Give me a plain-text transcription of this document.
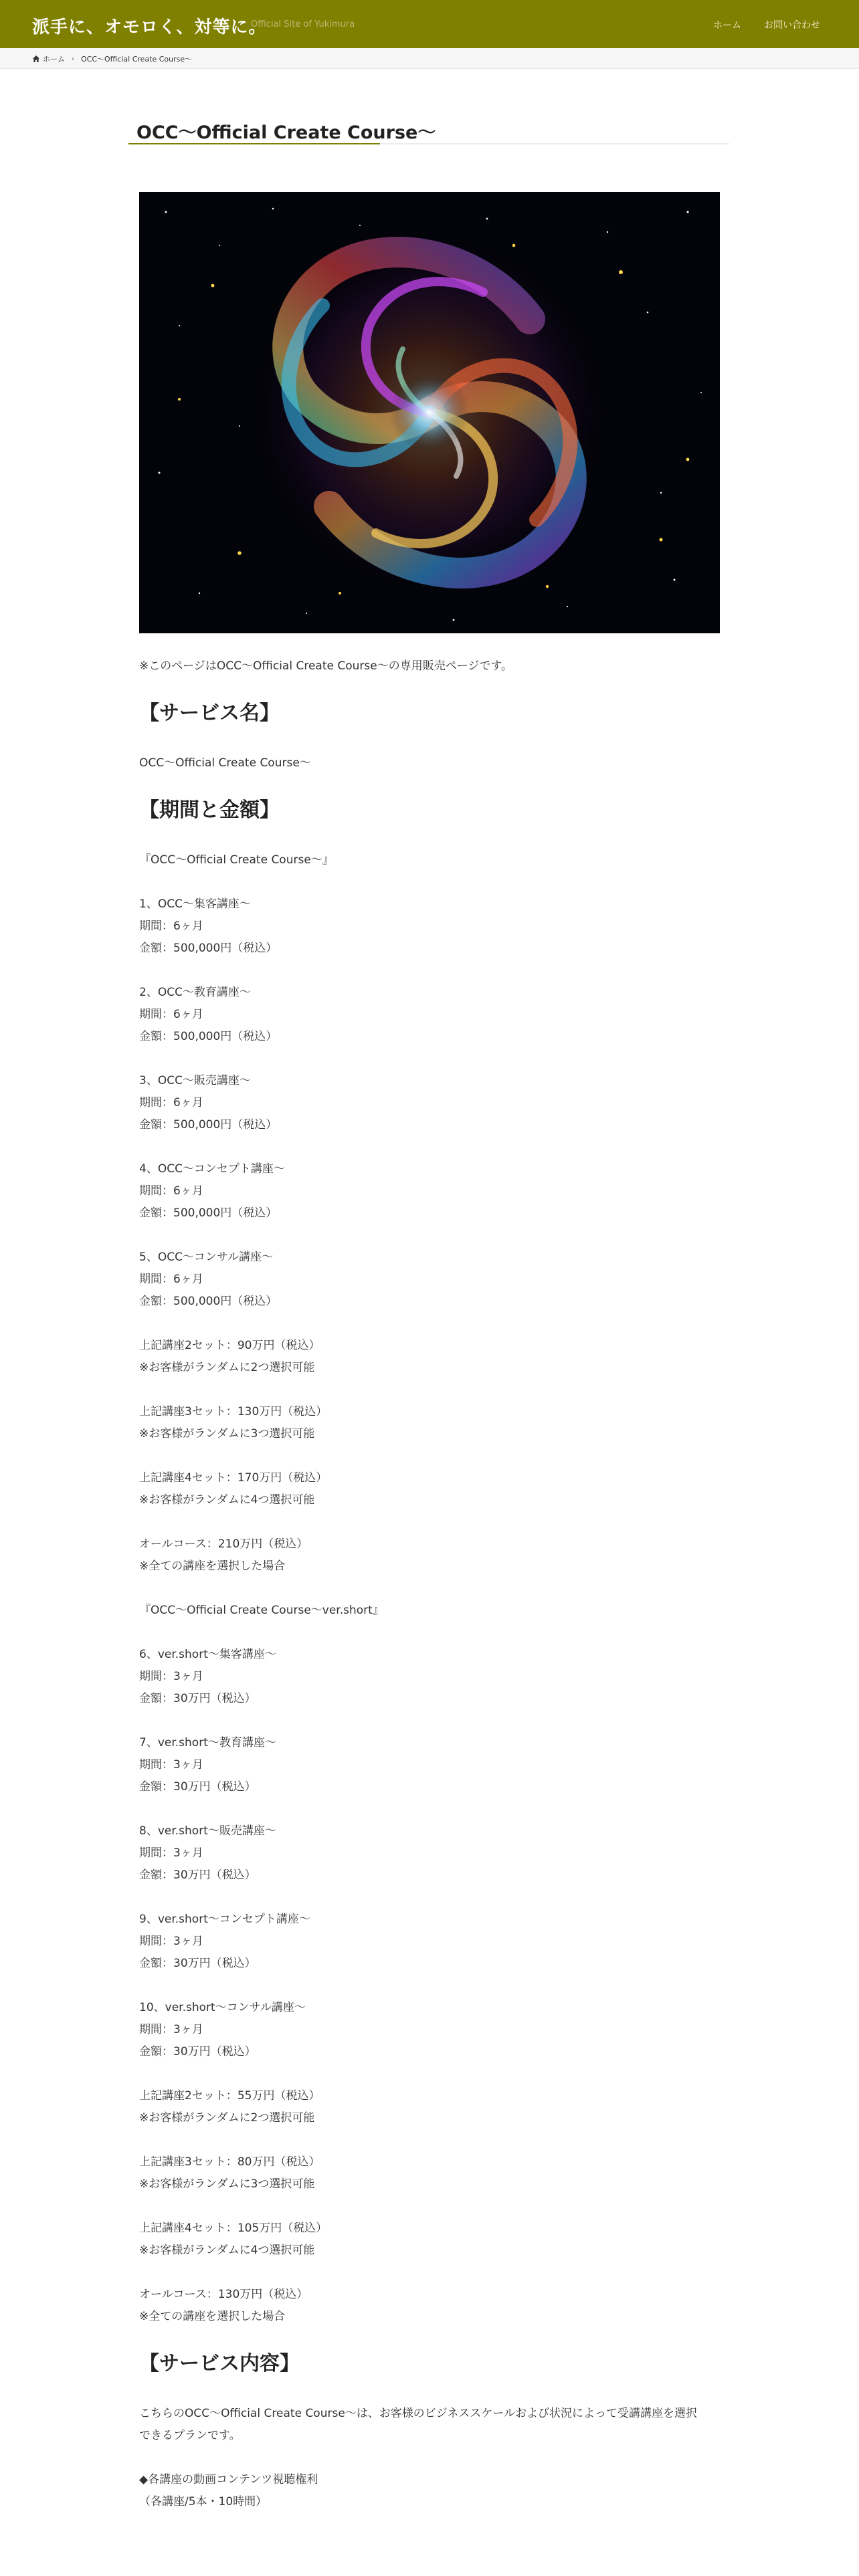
派手に、オモロく、対等に。
Official Site of Yukimura	ホーム お問い合わせ
ホーム › OCC〜Official Create Course〜
OCC〜Official Create Course〜

※このページはOCC〜Official Create Course〜の専用販売ページです。

【サービス名】

OCC〜Official Create Course〜

【期間と金額】

『OCC〜Official Create Course〜』

1、OCC〜集客講座〜

期間：6ヶ月

金額：500,000円（税込）

2、OCC〜教育講座〜

期間：6ヶ月

金額：500,000円（税込）

3、OCC〜販売講座〜

期間：6ヶ月

金額：500,000円（税込）

4、OCC〜コンセプト講座〜

期間：6ヶ月

金額：500,000円（税込）

5、OCC〜コンサル講座〜

期間：6ヶ月

金額：500,000円（税込）

上記講座2セット：90万円（税込）

※お客様がランダムに2つ選択可能

上記講座3セット：130万円（税込）

※お客様がランダムに3つ選択可能

上記講座4セット：170万円（税込）

※お客様がランダムに4つ選択可能

オールコース：210万円（税込）

※全ての講座を選択した場合

『OCC〜Official Create Course〜ver.short』

6、ver.short〜集客講座〜

期間：3ヶ月

金額：30万円（税込）

7、ver.short〜教育講座〜

期間：3ヶ月

金額：30万円（税込）

8、ver.short〜販売講座〜

期間：3ヶ月

金額：30万円（税込）

9、ver.short〜コンセプト講座〜

期間：3ヶ月

金額：30万円（税込）

10、ver.short〜コンサル講座〜

期間：3ヶ月

金額：30万円（税込）

上記講座2セット：55万円（税込）

※お客様がランダムに2つ選択可能

上記講座3セット：80万円（税込）

※お客様がランダムに3つ選択可能

上記講座4セット：105万円（税込）

※お客様がランダムに4つ選択可能

オールコース：130万円（税込）

※全ての講座を選択した場合

【サービス内容】

こちらのOCC〜Official Create Course〜は、お客様のビジネススケールおよび状況によって受講講座を選択

できるプランです。

◆各講座の動画コンテンツ視聴権利

（各講座/5本・10時間）
